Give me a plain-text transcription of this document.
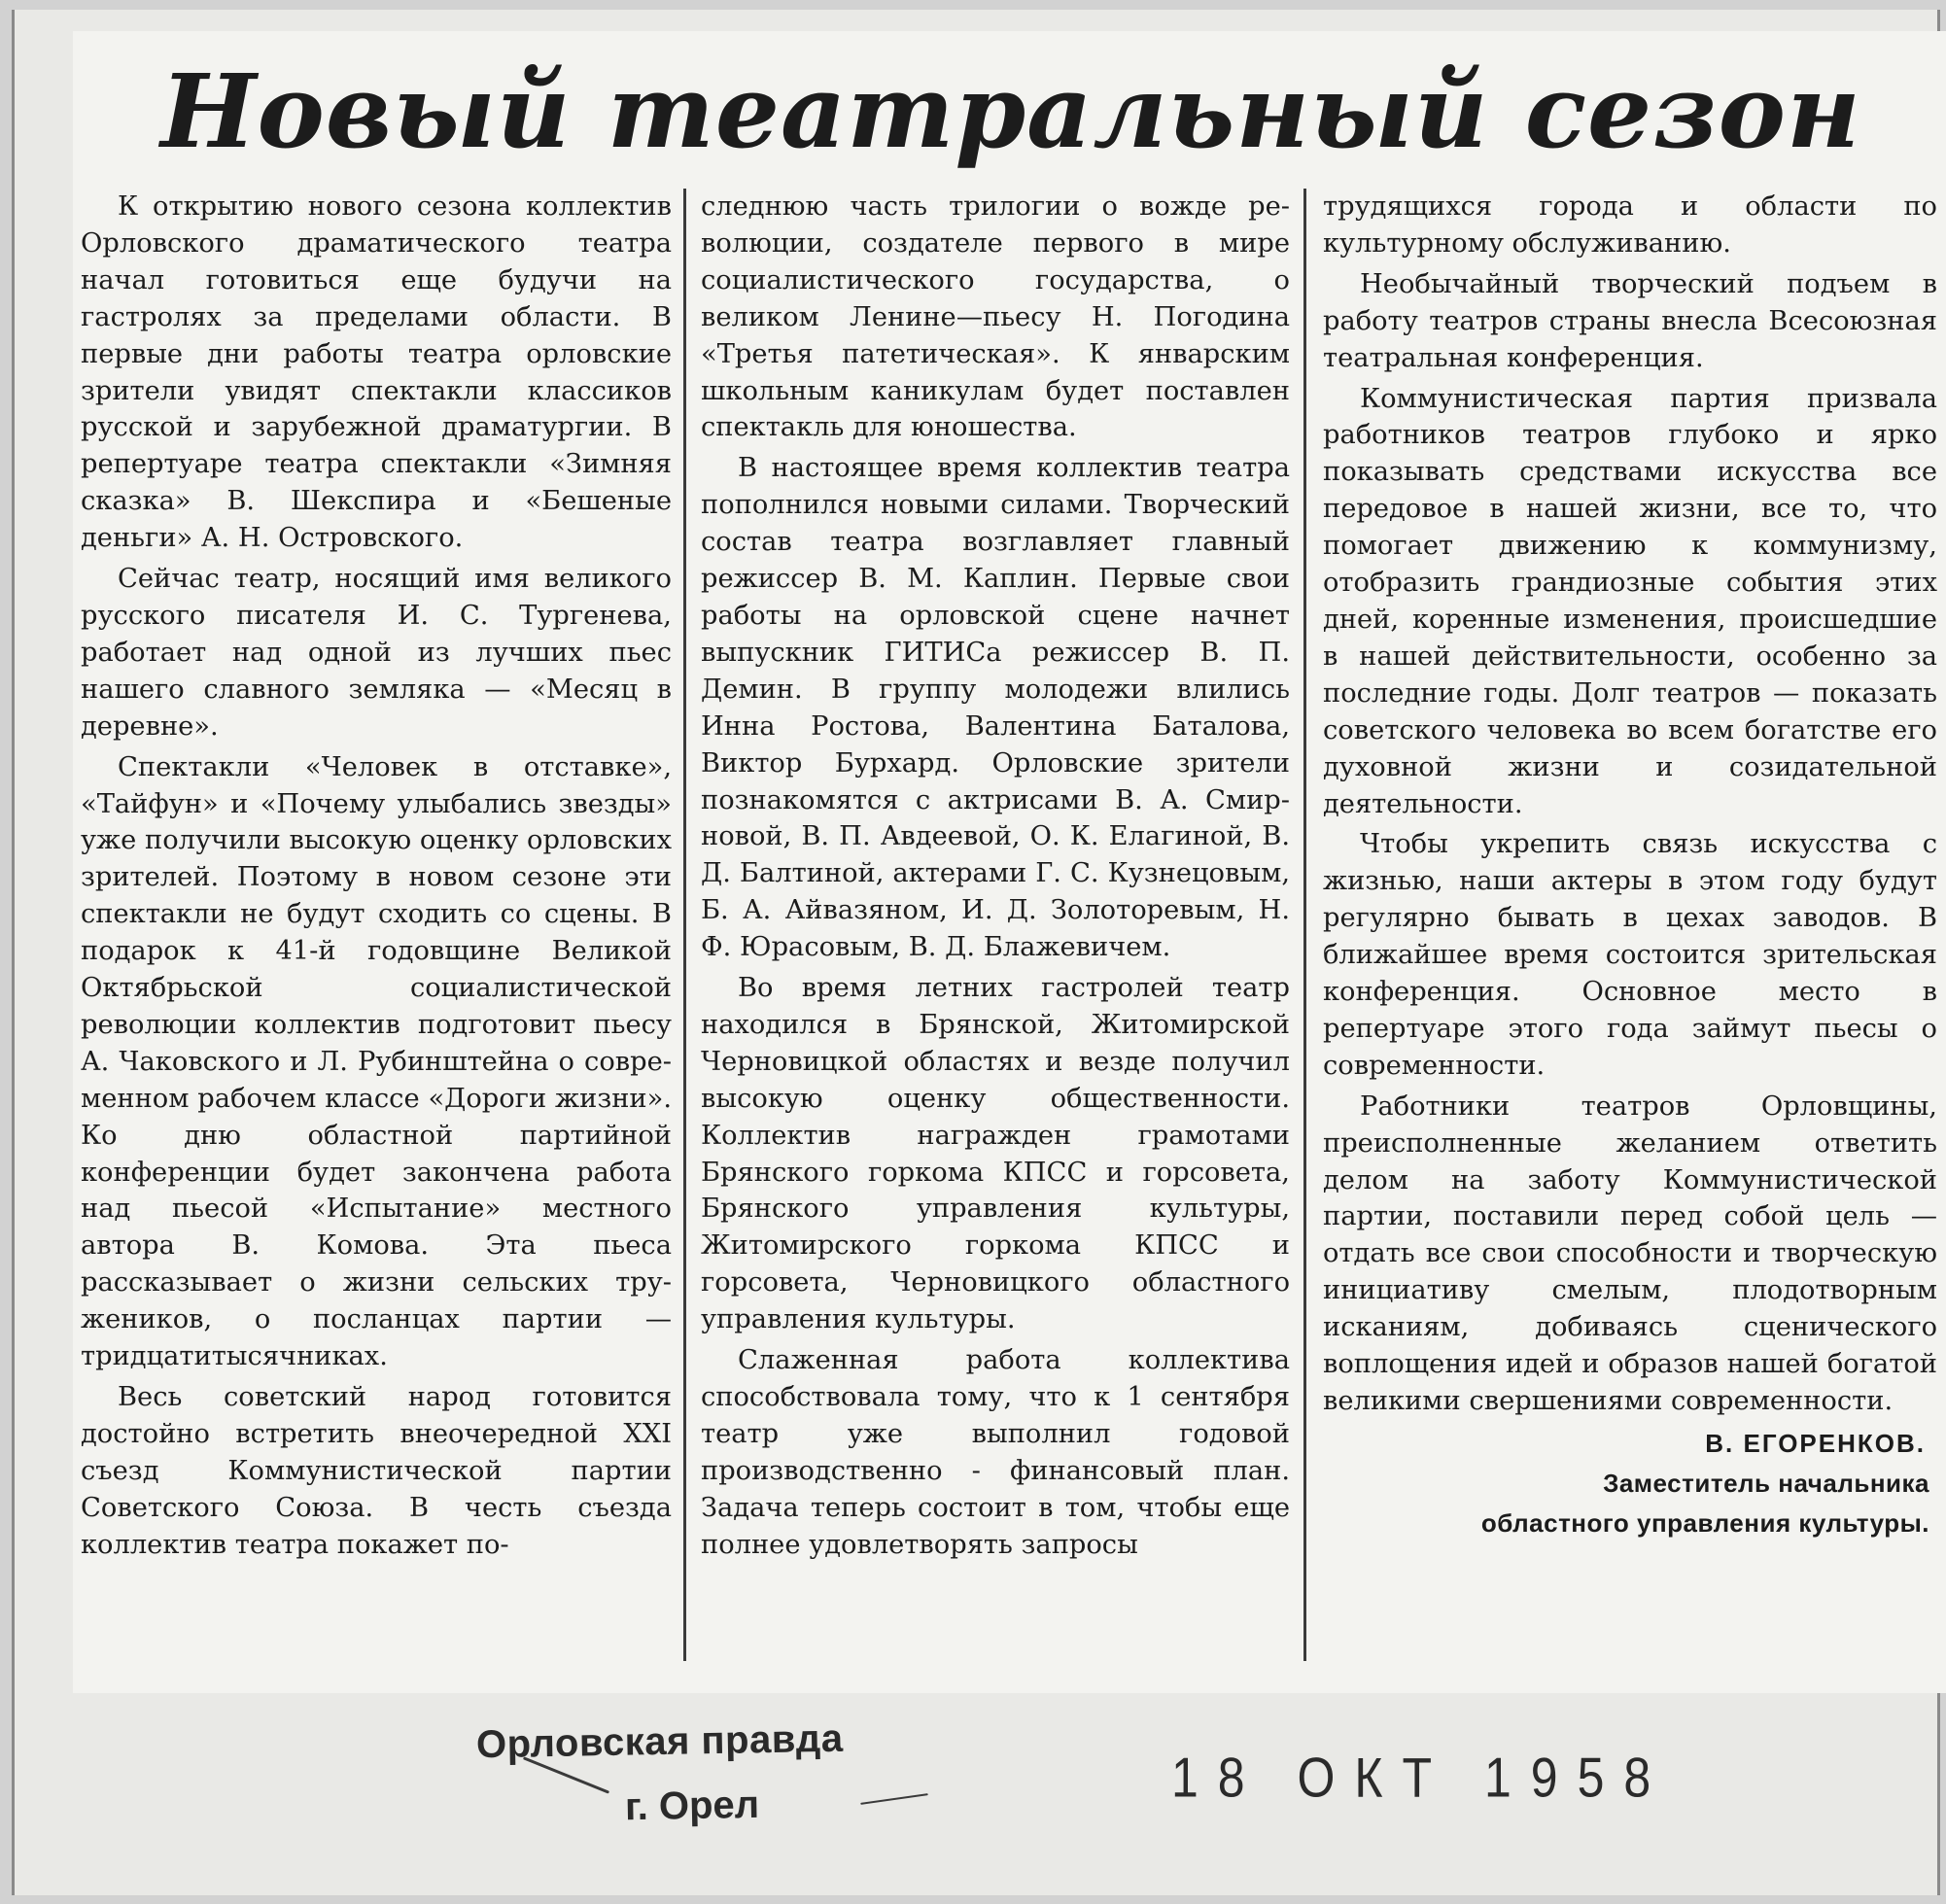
Новый театральный сезон

К открытию нового сезона коллектив Орловского драматического театра начал готовиться еще будучи на гастролях за пределами области. В первые дни работы театра орловские зрители увидят спектакли классиков русской и зарубежной драматургии. В репертуаре театра спектакли «Зимняя сказка» В. Шекспира и «Бешеные деньги» А. Н. Островского.

Сейчас театр, носящий имя великого русского писателя И. С. Тургенева, работает над одной из лучших пьес нашего славного земляка — «Месяц в деревне».

Спектакли «Человек в отставке», «Тайфун» и «Почему улыбались звезды» уже получили высокую оценку орловских зрителей. Поэтому в новом сезоне эти спектакли не будут сходить со сцены. В подарок к 41-й годовщине Великой Октябрьской социалистической революции коллектив подготовит пьесу А. Чаковского и Л. Рубинштейна о современном рабочем классе «Дороги жизни». Ко дню областной партийной конференции будет закончена работа над пьесой «Испытание» местного автора В. Комова. Эта пьеса рассказывает о жизни сельских тружеников, о посланцах партии — тридцатитысячниках.

Весь советский народ готовится достойно встретить внеочередной XXI съезд Коммунистической партии Советского Союза. В честь съезда коллектив театра покажет по-

следнюю часть трилогии о вожде революции, создателе первого в мире социалистического государства, о великом Ленине—пьесу Н. Погодина «Третья патетическая». К январским школьным каникулам будет поставлен спектакль для юношества.

В настоящее время коллектив театра пополнился новыми силами. Творческий состав театра возглавляет главный режиссер В. М. Каплин. Первые свои работы на орловской сцене начнет выпускник ГИТИСа режиссер В. П. Демин. В группу молодежи влились Инна Ростова, Валентина Баталова, Виктор Бурхард. Орловские зрители познакомятся с актрисами В. А. Смирновой, В. П. Авдеевой, О. К. Елагиной, В. Д. Балтиной, актерами Г. С. Кузнецовым, Б. А. Айвазяном, И. Д. Золоторевым, Н. Ф. Юрасовым, В. Д. Блажевичем.

Во время летних гастролей театр находился в Брянской, Житомирской Черновицкой областях и везде получил высокую оценку общественности. Коллектив награжден грамотами Брянского горкома КПСС и горсовета, Брянского управления культуры, Житомирского горкома КПСС и горсовета, Черновицкого областного управления культуры.

Слаженная работа коллектива способствовала тому, что к 1 сентября театр уже выполнил годовой производственно - финансовый план. Задача теперь состоит в том, чтобы еще полнее удовлетворять запросы

трудящихся города и области по культурному обслуживанию.

Необычайный творческий подъем в работу театров страны внесла Всесоюзная театральная конференция.

Коммунистическая партия призвала работников театров глубоко и ярко показывать средствами искусства все передовое в нашей жизни, все то, что помогает движению к коммунизму, отобразить грандиозные события этих дней, коренные изменения, происшедшие в нашей действительности, особенно за последние годы. Долг театров — показать советского человека во всем богатстве его духовной жизни и созидательной деятельности.

Чтобы укрепить связь искусства с жизнью, наши актеры в этом году будут регулярно бывать в цехах заводов. В ближайшее время состоится зрительская конференция. Основное место в репертуаре этого года займут пьесы о современности.

Работники театров Орловщины, преисполненные желанием ответить делом на заботу Коммунистической партии, поставили перед собой цель — отдать все свои способности и творческую инициативу смелым, плодотворным исканиям, добиваясь сценического воплощения идей и образов нашей богатой великими свершениями современности.

В. ЕГОРЕНКОВ.

Заместитель начальника

областного управления культуры.

Орловская правда
г. Орел	18 ОКТ 1958
